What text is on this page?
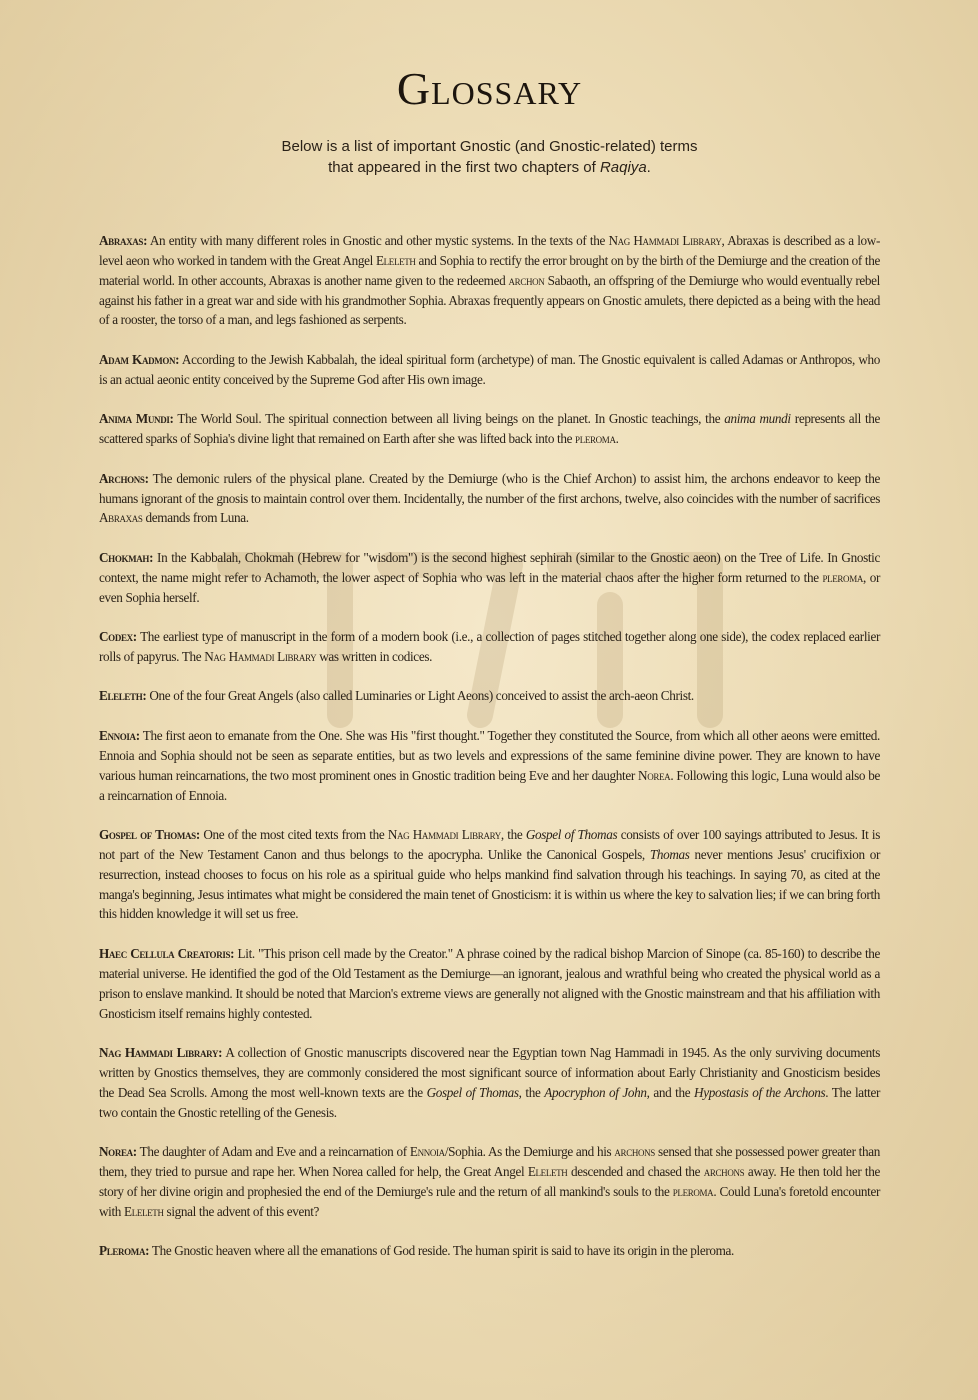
Glossary
Below is a list of important Gnostic (and Gnostic-related) terms
that appeared in the first two chapters of Raqiya.

Abraxas: An entity with many different roles in Gnostic and other mystic systems. In the texts of the Nag Hammadi Library, Abraxas is described as a low-level aeon who worked in tandem with the Great Angel Eleleth and Sophia to rectify the error brought on by the birth of the Demiurge and the creation of the material world. In other accounts, Abraxas is another name given to the redeemed archon Sabaoth, an offspring of the Demiurge who would eventually rebel against his father in a great war and side with his grandmother Sophia. Abraxas frequently appears on Gnostic amulets, there depicted as a being with the head of a rooster, the torso of a man, and legs fashioned as serpents.

Adam Kadmon: According to the Jewish Kabbalah, the ideal spiritual form (archetype) of man. The Gnostic equivalent is called Adamas or Anthropos, who is an actual aeonic entity conceived by the Supreme God after His own image.

Anima Mundi: The World Soul. The spiritual connection between all living beings on the planet. In Gnostic teachings, the anima mundi represents all the scattered sparks of Sophia's divine light that remained on Earth after she was lifted back into the pleroma.

Archons: The demonic rulers of the physical plane. Created by the Demiurge (who is the Chief Archon) to assist him, the archons endeavor to keep the humans ignorant of the gnosis to maintain control over them. Incidentally, the number of the first archons, twelve, also coincides with the number of sacrifices Abraxas demands from Luna.

Chokmah: In the Kabbalah, Chokmah (Hebrew for "wisdom") is the second highest sephirah (similar to the Gnostic aeon) on the Tree of Life. In Gnostic context, the name might refer to Achamoth, the lower aspect of Sophia who was left in the material chaos after the higher form returned to the pleroma, or even Sophia herself.

Codex: The earliest type of manuscript in the form of a modern book (i.e., a collection of pages stitched together along one side), the codex replaced earlier rolls of papyrus. The Nag Hammadi Library was written in codices.

Eleleth: One of the four Great Angels (also called Luminaries or Light Aeons) conceived to assist the arch-aeon Christ.

Ennoia: The first aeon to emanate from the One. She was His "first thought." Together they constituted the Source, from which all other aeons were emitted. Ennoia and Sophia should not be seen as separate entities, but as two levels and expressions of the same feminine divine power. They are known to have various human reincarnations, the two most prominent ones in Gnostic tradition being Eve and her daughter Norea. Following this logic, Luna would also be a reincarnation of Ennoia.

Gospel of Thomas: One of the most cited texts from the Nag Hammadi Library, the Gospel of Thomas consists of over 100 sayings attributed to Jesus. It is not part of the New Testament Canon and thus belongs to the apocrypha. Unlike the Canonical Gospels, Thomas never mentions Jesus' crucifixion or resurrection, instead chooses to focus on his role as a spiritual guide who helps mankind find salvation through his teachings. In saying 70, as cited at the manga's beginning, Jesus intimates what might be considered the main tenet of Gnosticism: it is within us where the key to salvation lies; if we can bring forth this hidden knowledge it will set us free.

Haec Cellula Creatoris: Lit. "This prison cell made by the Creator." A phrase coined by the radical bishop Marcion of Sinope (ca. 85-160) to describe the material universe. He identified the god of the Old Testament as the Demiurge—an ignorant, jealous and wrathful being who created the physical world as a prison to enslave mankind. It should be noted that Marcion's extreme views are generally not aligned with the Gnostic mainstream and that his affiliation with Gnosticism itself remains highly contested.

Nag Hammadi Library: A collection of Gnostic manuscripts discovered near the Egyptian town Nag Hammadi in 1945. As the only surviving documents written by Gnostics themselves, they are commonly considered the most significant source of information about Early Christianity and Gnosticism besides the Dead Sea Scrolls. Among the most well-known texts are the Gospel of Thomas, the Apocryphon of John, and the Hypostasis of the Archons. The latter two contain the Gnostic retelling of the Genesis.

Norea: The daughter of Adam and Eve and a reincarnation of Ennoia/Sophia. As the Demiurge and his archons sensed that she possessed power greater than them, they tried to pursue and rape her. When Norea called for help, the Great Angel Eleleth descended and chased the archons away. He then told her the story of her divine origin and prophesied the end of the Demiurge's rule and the return of all mankind's souls to the pleroma. Could Luna's foretold encounter with Eleleth signal the advent of this event?

Pleroma: The Gnostic heaven where all the emanations of God reside. The human spirit is said to have its origin in the pleroma.
